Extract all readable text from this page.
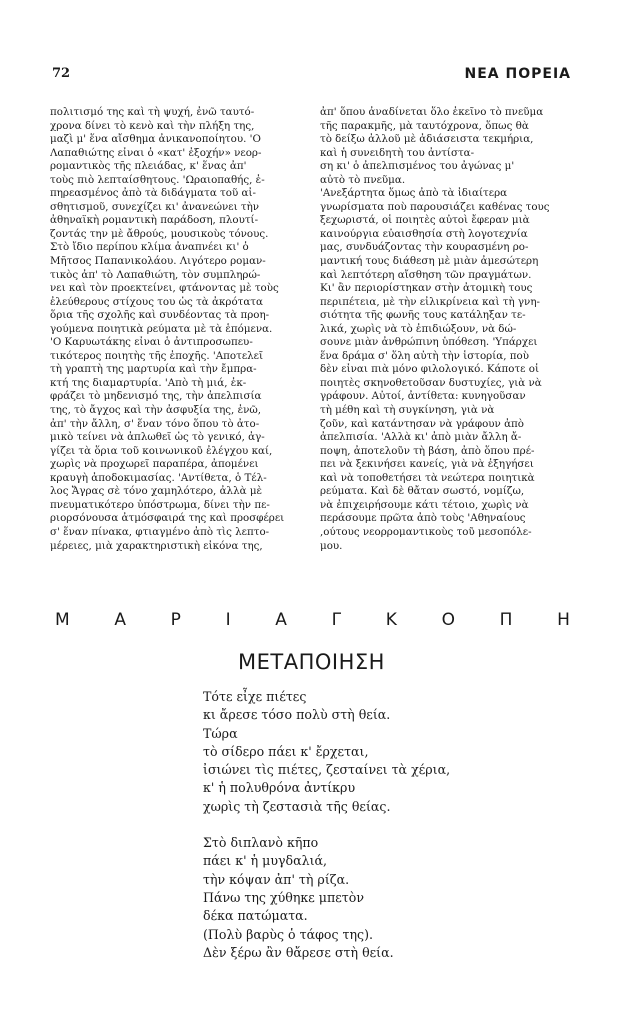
72	ΝΕΑ ΠΟΡΕΙΑ
πολιτισμό της καὶ τὴ ψυχή, ἐνῶ ταυτό-
χρονα δίνει τὸ κενὸ καὶ τὴν πλήξη της,
μαζὶ μ' ἕνα αἴσθημα ἀνικανοποίητου. 'Ο
Λαπαθιώτης εἶναι ὁ «κατ' ἐξοχήν» νεορ-
ρομαντικὸς τῆς πλειάδας, κ' ἕνας ἀπ'
τοὺς πιὸ λεπταίσθητους. 'Ωραιοπαθής, ἐ-
πηρεασμένος ἀπὸ τὰ διδάγματα τοῦ αἰ-
σθητισμοῦ, συνεχίζει κι' ἀνανεώνει τὴν
ἀθηναϊκὴ ρομαντικὴ παράδοση, πλουτί-
ζοντάς την μὲ ἄθρούς, μουσικοὺς τόνους.
Στὸ ἴδιο περίπου κλίμα ἀναπνέει κι' ὁ
Μῆτσος Παπανικολάου. Λιγότερο ρομαν-
τικὸς ἀπ' τὸ Λαπαθιώτη, τὸν συμπληρώ-
νει καὶ τὸν προεκτείνει, φτάνοντας μὲ τοὺς
ἐλεύθερους στίχους του ὡς τὰ ἀκρότατα
ὅρια τῆς σχολῆς καὶ συνδέοντας τὰ προη-
γούμενα ποιητικὰ ρεύματα μὲ τὰ ἑπόμενα.
'Ο Καρυωτάκης εἶναι ὁ ἀντιπροσωπευ-
τικότερος ποιητὴς τῆς ἐποχῆς. 'Αποτελεῖ
τὴ γραπτὴ της μαρτυρία καὶ τὴν ἔμπρα-
κτή της διαμαρτυρία. 'Απὸ τὴ μιά, ἐκ-
φράζει τὸ μηδενισμό της, τὴν ἀπελπισία
της, τὸ ἄγχος καὶ τὴν ἀσφυξία της, ἐνῶ,
ἀπ' τὴν ἄλλη, σ' ἕναν τόνο ὅπου τὸ ἀτο-
μικὸ τείνει νὰ ἀπλωθεῖ ὡς τὸ γενικό, ἀγ-
γίζει τὰ ὅρια τοῦ κοινωνικοῦ ἐλέγχου καί,
χωρὶς νὰ προχωρεῖ παραπέρα, ἀπομένει
κραυγὴ ἀποδοκιμασίας. 'Αντίθετα, ὁ Τέλ-
λος Ἄγρας σὲ τόνο χαμηλότερο, ἀλλὰ μὲ
πνευματικότερο ὑπόστρωμα, δίνει τὴν πε-
ριορσόνουσα ἀτμόσφαιρά της καὶ προσφέρει
σ' ἕναν πίνακα, φτιαγμένο ἀπὸ τὶς λεπτο-
μέρειες, μιὰ χαρακτηριστικὴ εἰκόνα της,
ἀπ' ὅπου ἀναδίνεται ὅλο ἐκεῖνο τὸ πνεῦμα
τῆς παρακμῆς, μὰ ταυτόχρονα, ὅπως θὰ
τὸ δείξω ἀλλοῦ μὲ ἀδιάσειστα τεκμήρια,
καὶ ἡ συνειδητὴ του ἀντίστα-
ση κι' ὁ ἀπελπισμένος του ἀγώνας μ'
αὐτὸ τὸ πνεῦμα.
'Ανεξάρτητα ὅμως ἀπὸ τὰ ἰδιαίτερα
γνωρίσματα ποὺ παρουσιάζει καθένας τους
ξεχωριστά, οἱ ποιητὲς αὐτοὶ ἔφεραν μιὰ
καινούργια εὐαισθησία στὴ λογοτεχνία
μας, συνδυάζοντας τὴν κουρασμένη ρο-
μαντική τους διάθεση μὲ μιὰν ἀμεσώτερη
καὶ λεπτότερη αἴσθηση τῶν πραγμάτων.
Κι' ἂν περιορίστηκαν στὴν ἀτομικὴ τους
περιπέτεια, μὲ τὴν εἰλικρίνεια καὶ τὴ γνη-
σιότητα τῆς φωνῆς τους κατάληξαν τε-
λικά, χωρὶς νὰ τὸ ἐπιδιώξουν, νὰ δώ-
σουνε μιὰν ἀνθρώπινη ὑπόθεση. 'Υπάρχει
ἕνα δράμα σ' ὅλη αὐτὴ τὴν ἱστορία, ποὺ
δὲν εἶναι πιὰ μόνο φιλολογικό. Κάποτε οἱ
ποιητὲς σκηνοθετοῦσαν δυστυχίες, γιὰ νὰ
γράφουν. Αὐτοί, ἀντίθετα: κυνηγοῦσαν
τὴ μέθη καὶ τὴ συγκίνηση, γιὰ νὰ
ζοῦν, καὶ κατάντησαν νὰ γράφουν ἀπὸ
ἀπελπισία. 'Αλλὰ κι' ἀπὸ μιὰν ἄλλη ἄ-
ποψη, ἀποτελοῦν τὴ βάση, ἀπὸ ὅπου πρέ-
πει νὰ ξεκινήσει κανείς, γιὰ νὰ ἐξηγήσει
καὶ νὰ τοποθετήσει τὰ νεώτερα ποιητικὰ
ρεύματα. Καὶ δὲ θἄταν σωστό, νομίζω,
νὰ ἐπιχειρήσουμε κάτι τέτοιο, χωρὶς νὰ
περάσουμε πρῶτα ἀπὸ τοὺς 'Αθηναίους
,ούτους νεορρομαντικοὺς τοῦ μεσοπόλε-
μου.
Μ	Α	Ρ	Ι	Α	Γ	Κ	Ο	Π	Η
ΜΕΤΑΠΟΙΗΣΗ
Τότε εἶχε πιέτες
κι ἄρεσε τόσο πολὺ στὴ θεία.
Τώρα
τὸ σίδερο πάει κ' ἔρχεται,
ἰσιώνει τὶς πιέτες, ζεσταίνει τὰ χέρια,
κ' ἡ πολυθρόνα ἀντίκρυ
χωρὶς τὴ ζεστασιὰ τῆς θείας.
Στὸ διπλανὸ κῆπο
πάει κ' ἡ μυγδαλιά,
τὴν κόψαν ἀπ' τὴ ρίζα.
Πάνω της χύθηκε μπετὸν
δέκα πατώματα.
(Πολὺ βαρὺς ὁ τάφος της).
Δὲν ξέρω ἂν θἄρεσε στὴ θεία.
